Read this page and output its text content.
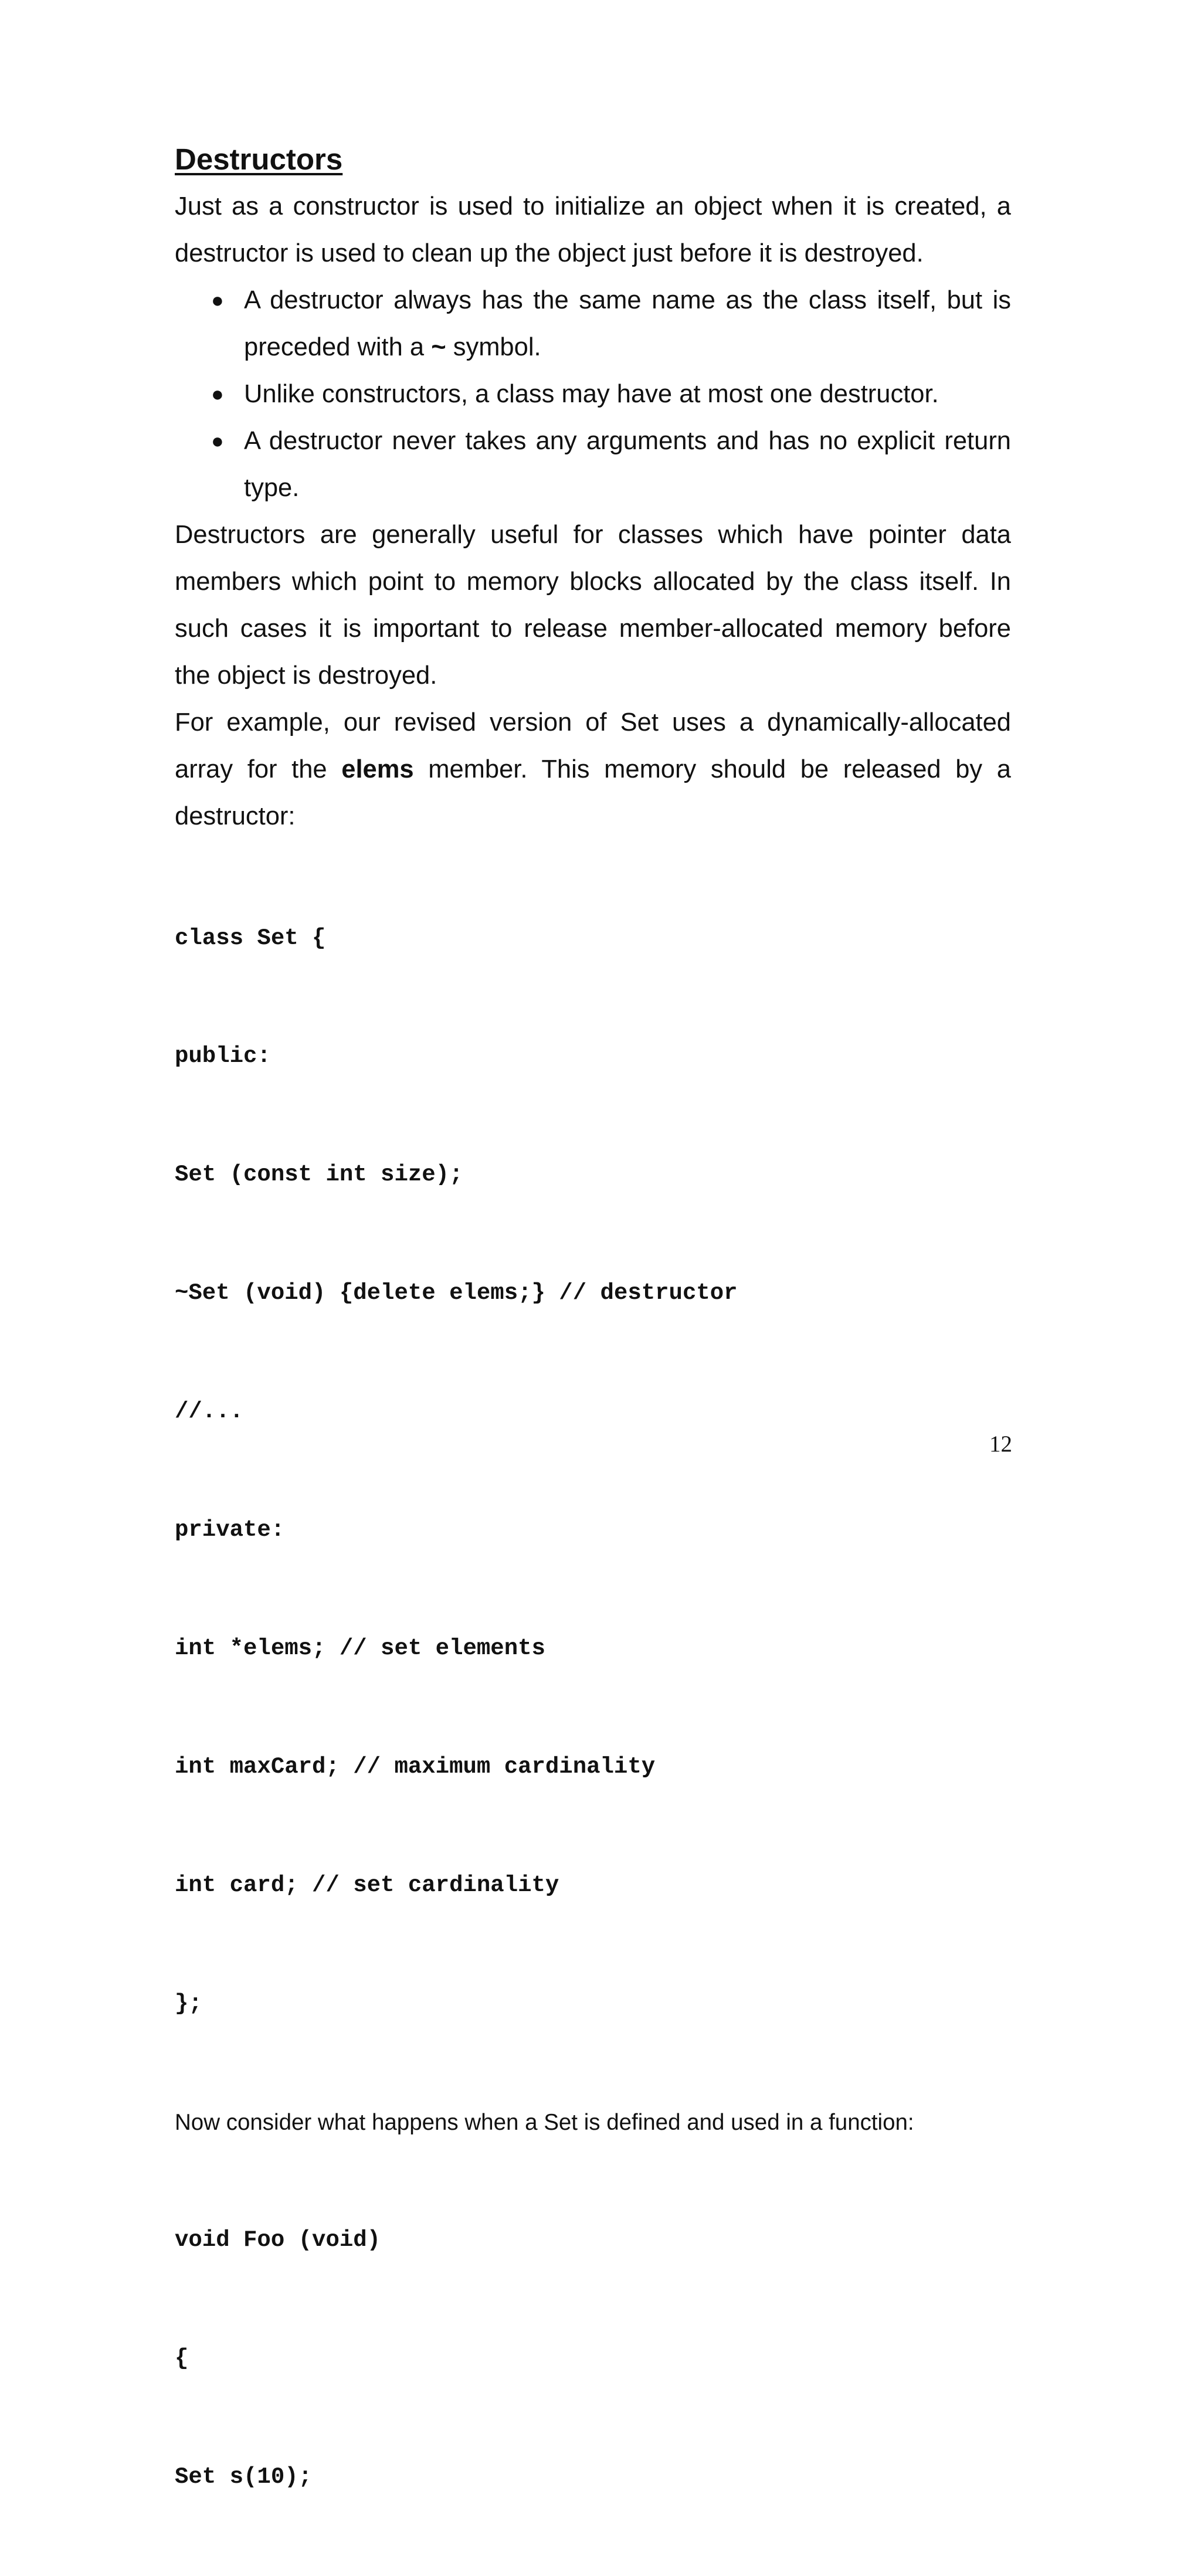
Destructors

Just as a constructor is used to initialize an object when it is created, a destructor is used to clean up the object just before it is destroyed.

● A destructor always has the same name as the class itself, but is preceded with a ~ symbol.
● Unlike constructors, a class may have at most one destructor.
● A destructor never takes any arguments and has no explicit return type.

Destructors are generally useful for classes which have pointer data members which point to memory blocks allocated by the class itself. In such cases it is important to release member-allocated memory before the object is destroyed.

For example, our revised version of Set uses a dynamically-allocated array for the elems member. This memory should be released by a destructor:

class Set {

public:

Set (const int size);

~Set (void) {delete elems;} // destructor

//...

private:

int *elems; // set elements

int maxCard; // maximum cardinality

int card; // set cardinality

};

Now consider what happens when a Set is defined and used in a function:

void Foo (void)

{

Set s(10);

12
